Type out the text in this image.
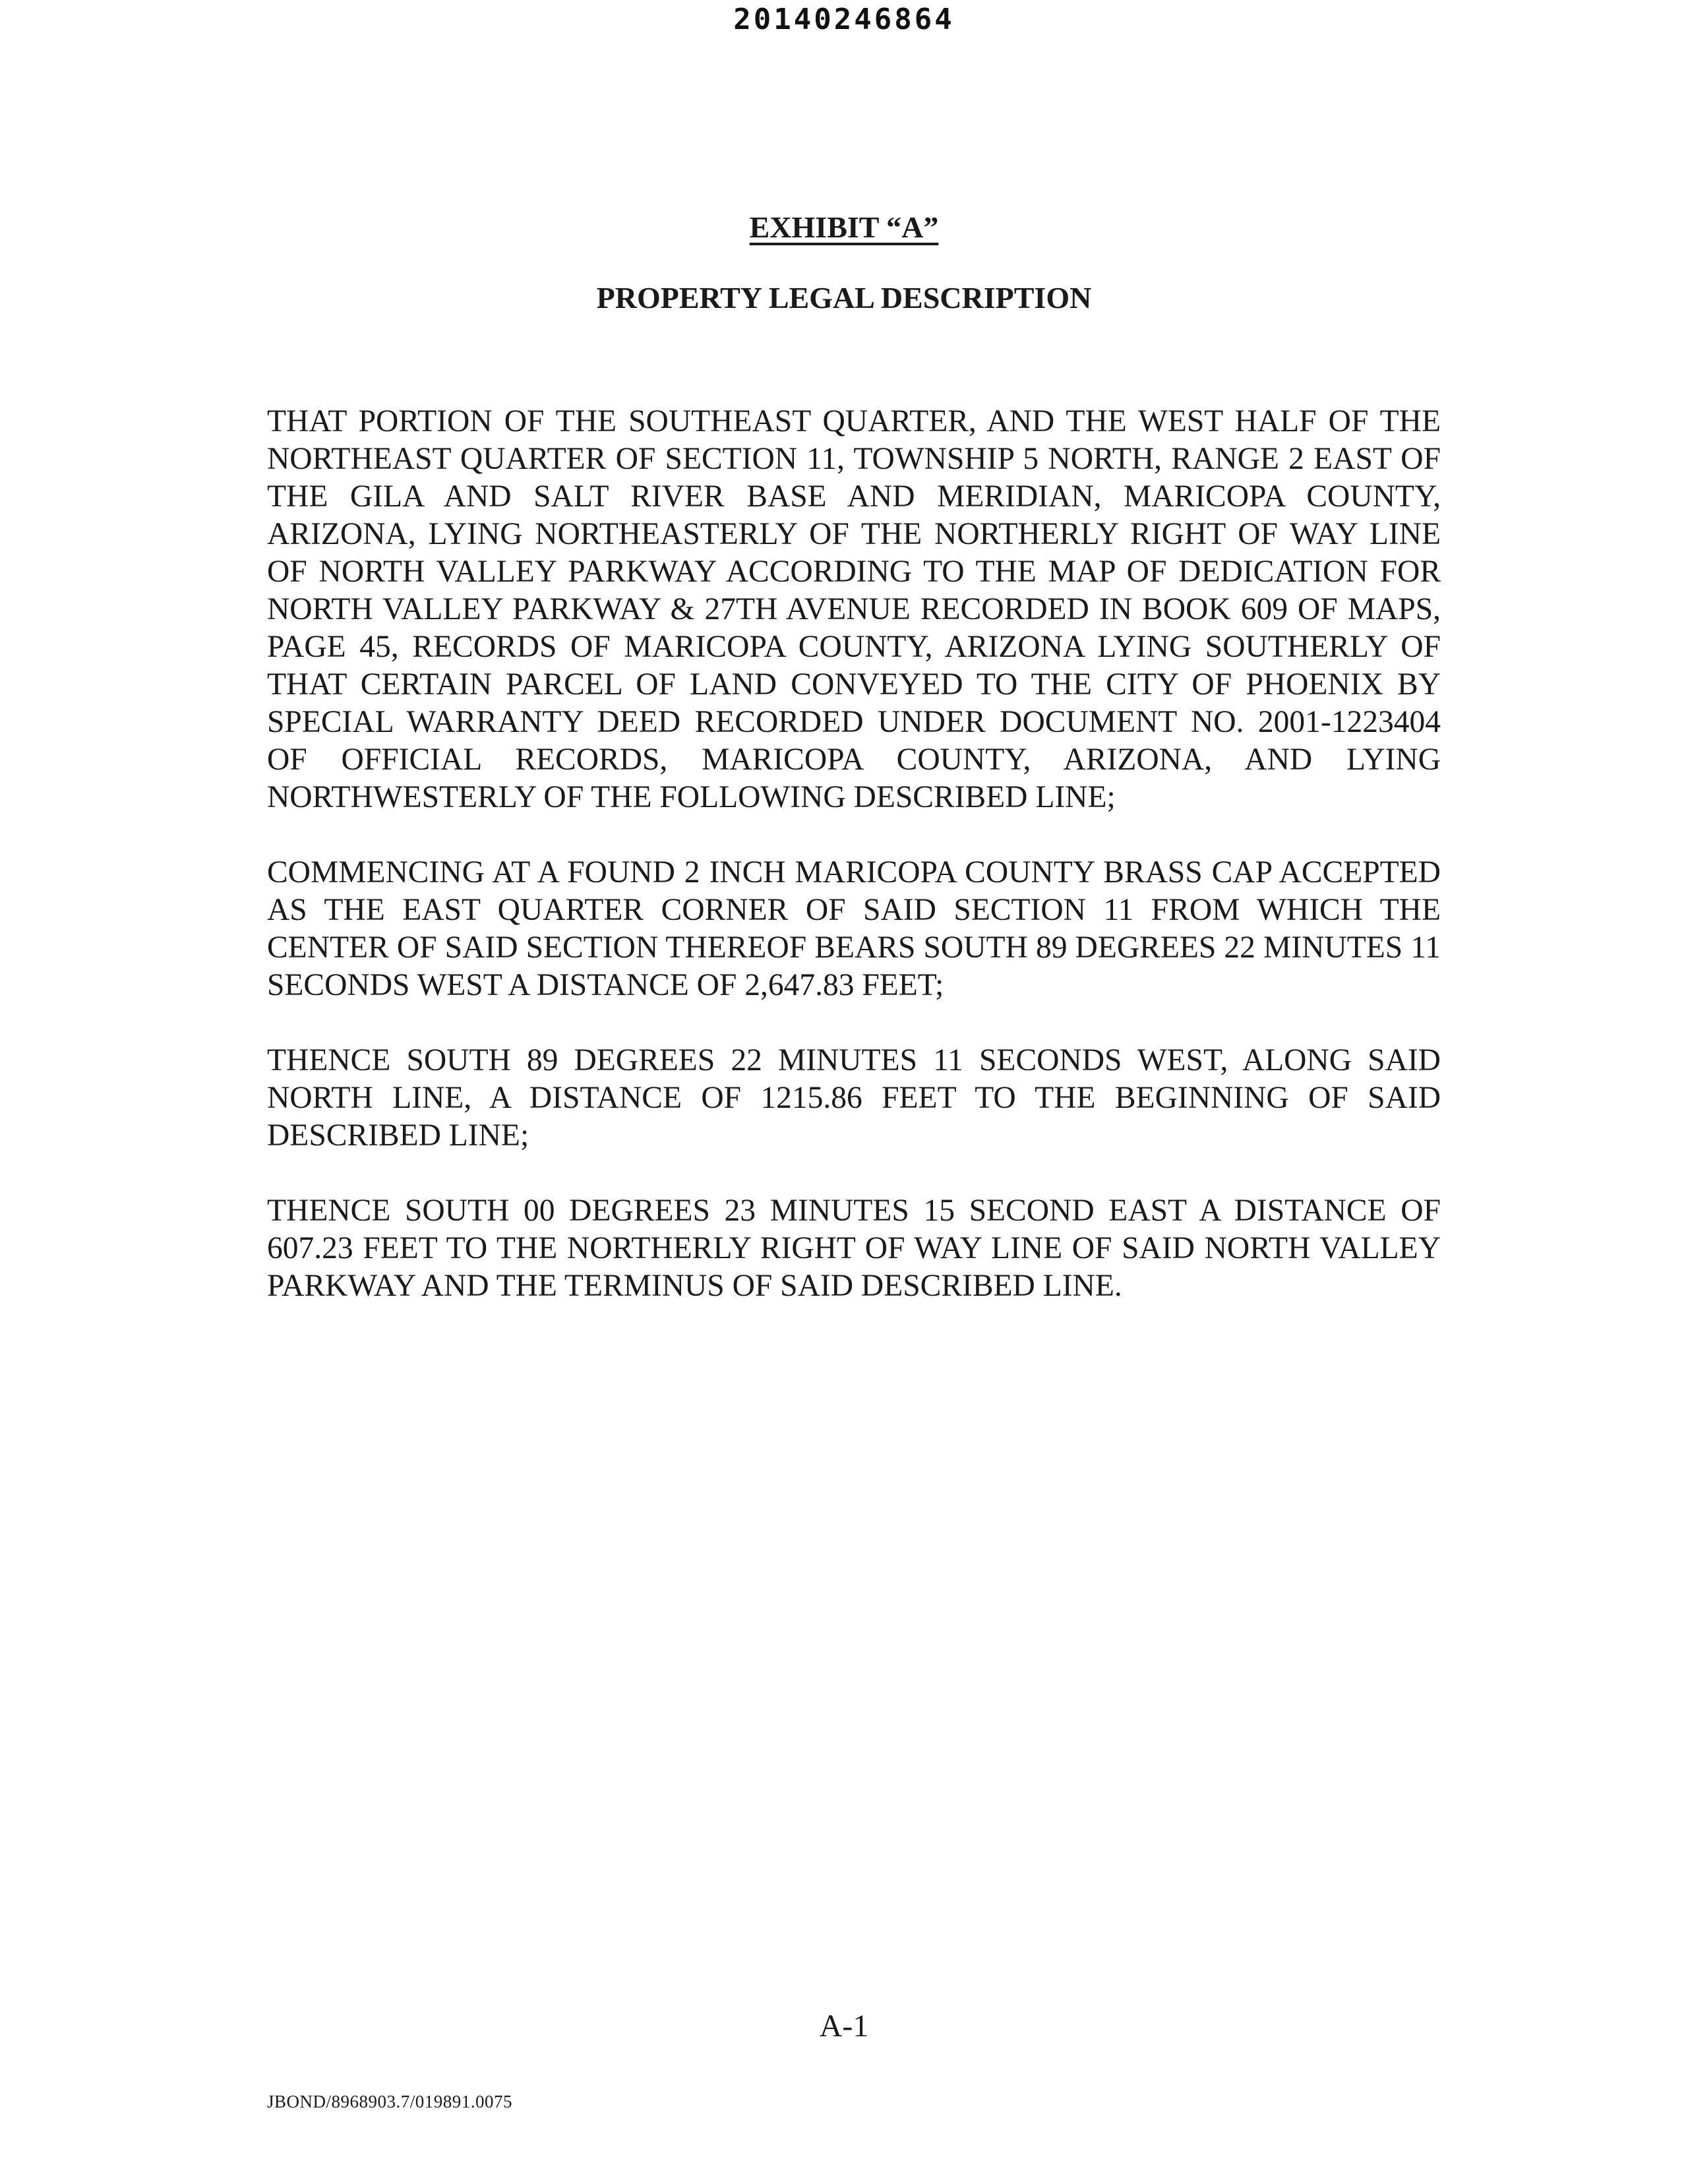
20140246864
EXHIBIT “A”
PROPERTY LEGAL DESCRIPTION

THAT PORTION OF THE SOUTHEAST QUARTER, AND THE WEST HALF OF THE NORTHEAST QUARTER OF SECTION 11, TOWNSHIP 5 NORTH, RANGE 2 EAST OF THE GILA AND SALT RIVER BASE AND MERIDIAN, MARICOPA COUNTY, ARIZONA, LYING NORTHEASTERLY OF THE NORTHERLY RIGHT OF WAY LINE OF NORTH VALLEY PARKWAY ACCORDING TO THE MAP OF DEDICATION FOR NORTH VALLEY PARKWAY & 27TH AVENUE RECORDED IN BOOK 609 OF MAPS, PAGE 45, RECORDS OF MARICOPA COUNTY, ARIZONA LYING SOUTHERLY OF THAT CERTAIN PARCEL OF LAND CONVEYED TO THE CITY OF PHOENIX BY SPECIAL WARRANTY DEED RECORDED UNDER DOCUMENT NO. 2001-1223404 OF OFFICIAL RECORDS, MARICOPA COUNTY, ARIZONA, AND LYING NORTHWESTERLY OF THE FOLLOWING DESCRIBED LINE;

COMMENCING AT A FOUND 2 INCH MARICOPA COUNTY BRASS CAP ACCEPTED AS THE EAST QUARTER CORNER OF SAID SECTION 11 FROM WHICH THE CENTER OF SAID SECTION THEREOF BEARS SOUTH 89 DEGREES 22 MINUTES 11 SECONDS WEST A DISTANCE OF 2,647.83 FEET;

THENCE SOUTH 89 DEGREES 22 MINUTES 11 SECONDS WEST, ALONG SAID NORTH LINE, A DISTANCE OF 1215.86 FEET TO THE BEGINNING OF SAID DESCRIBED LINE;

THENCE SOUTH 00 DEGREES 23 MINUTES 15 SECOND EAST A DISTANCE OF 607.23 FEET TO THE NORTHERLY RIGHT OF WAY LINE OF SAID NORTH VALLEY PARKWAY AND THE TERMINUS OF SAID DESCRIBED LINE.

A-1
JBOND/8968903.7/019891.0075
